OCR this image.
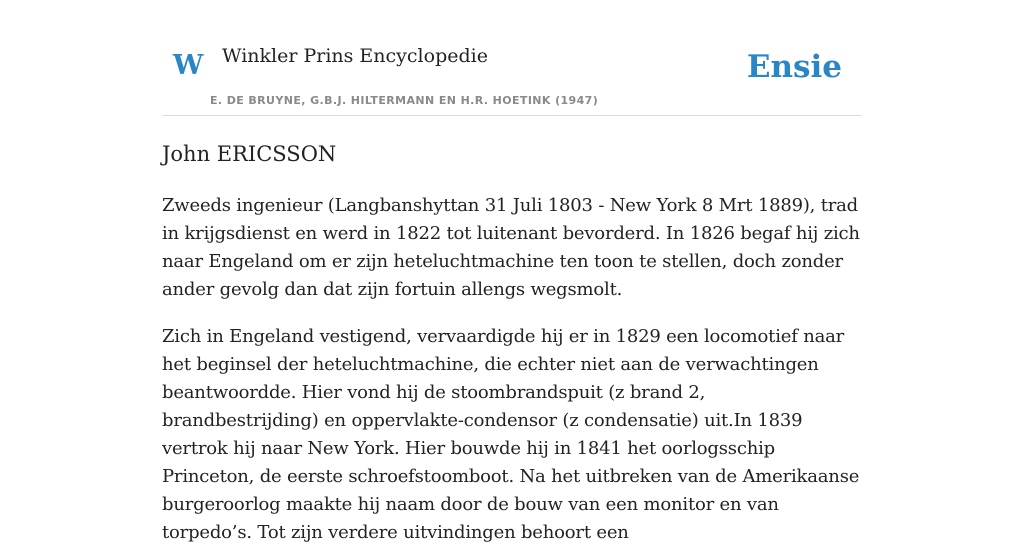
W Winkler Prins Encyclopedie
E. DE BRUYNE, G.B.J. HILTERMANN EN H.R. HOETINK (1947)
Ensie
John ERICSSON

Zweeds ingenieur (Langbanshyttan 31 Juli 1803 - New York 8 Mrt 1889), trad in krijgsdienst en werd in 1822 tot luitenant bevorderd. In 1826 begaf hij zich naar Engeland om er zijn heteluchtmachine ten toon te stellen, doch zonder ander gevolg dan dat zijn fortuin allengs wegsmolt.

Zich in Engeland vestigend, vervaardigde hij er in 1829 een locomotief naar het beginsel der heteluchtmachine, die echter niet aan de verwachtingen beantwoordde. Hier vond hij de stoombrandspuit (z brand 2, brandbestrijding) en oppervlakte-condensor (z condensatie) uit.In 1839 vertrok hij naar New York. Hier bouwde hij in 1841 het oorlogsschip Princeton, de eerste schroefstoomboot. Na het uitbreken van de Amerikaanse burgeroorlog maakte hij naam door de bouw van een monitor en van torpedo’s. Tot zijn verdere uitvindingen behoort een
